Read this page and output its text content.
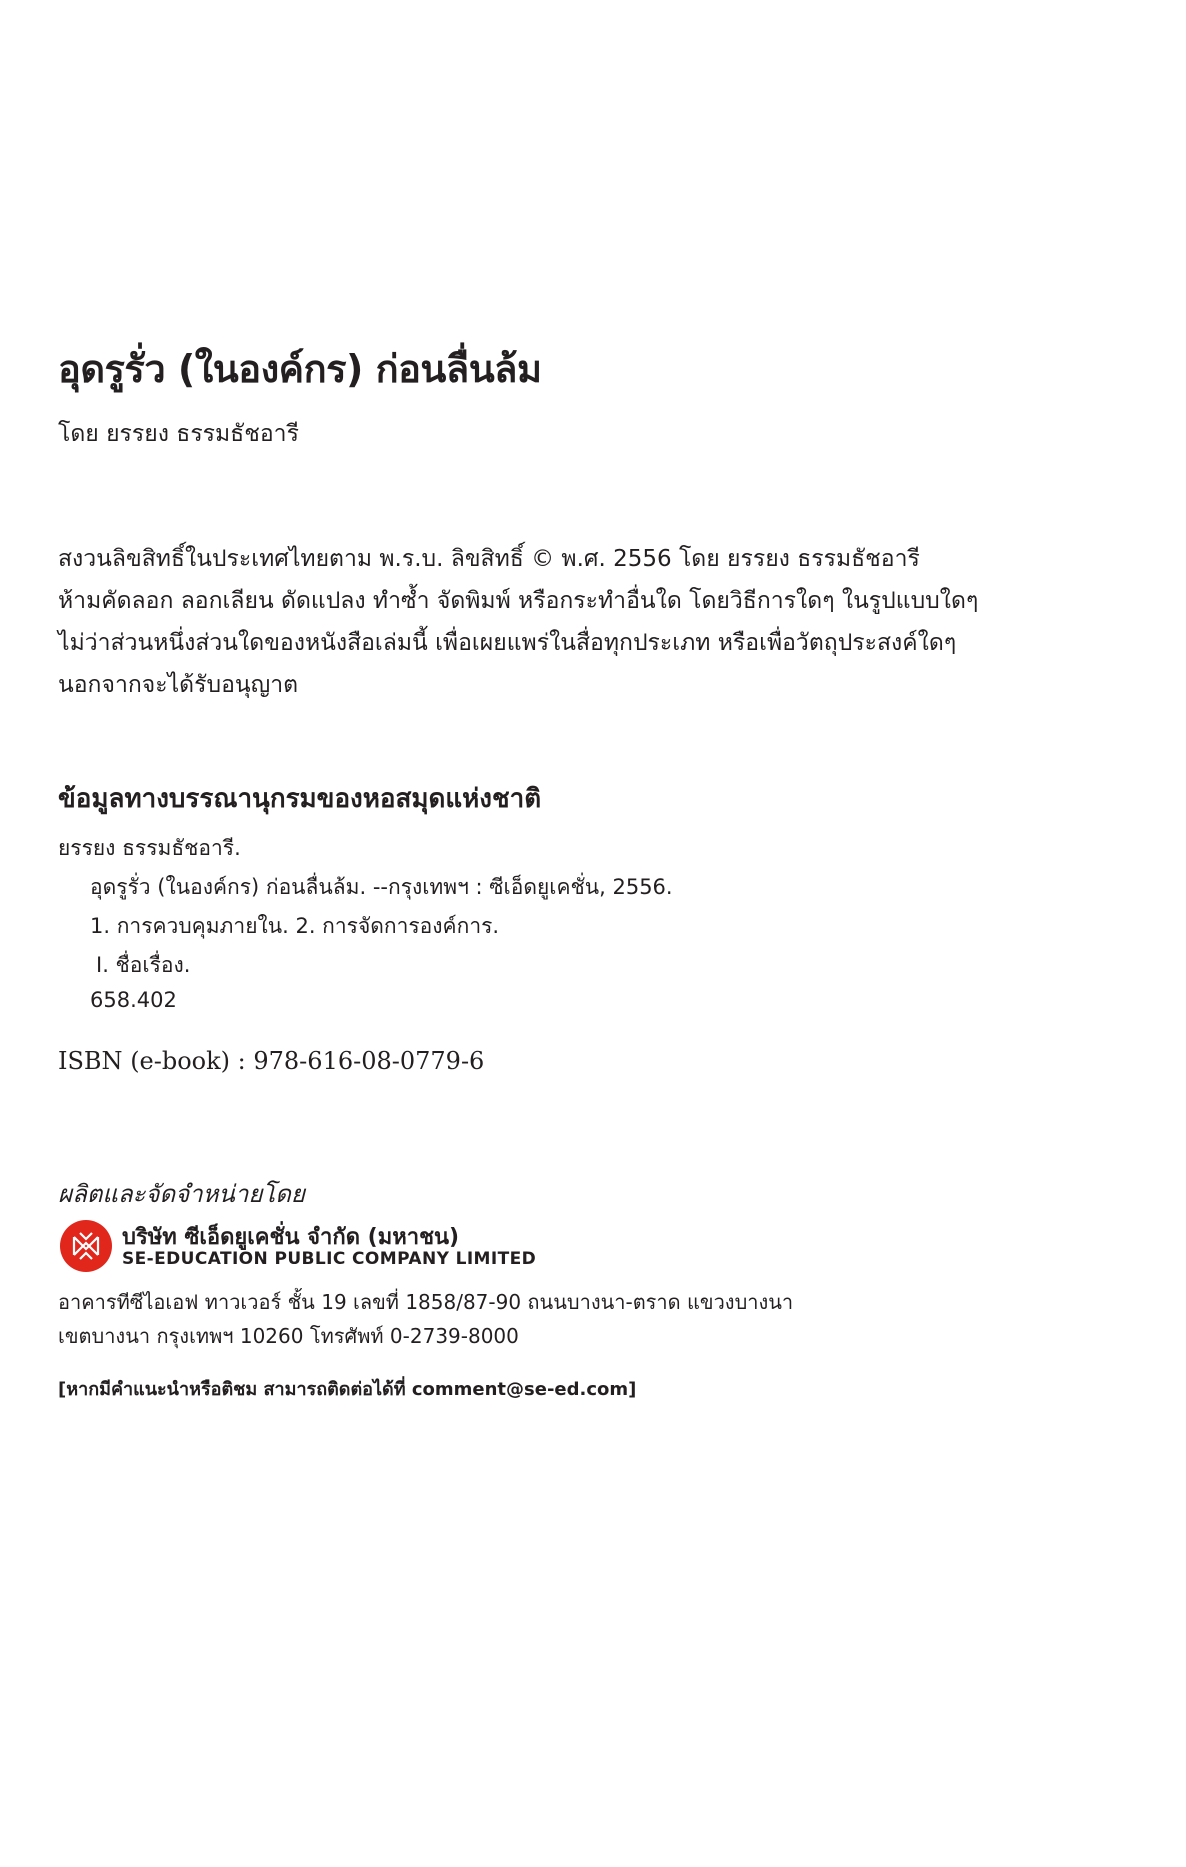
อุดรูรั่ว (ในองค์กร) ก่อนลื่นล้ม
โดย ยรรยง ธรรมธัชอารี
สงวนลิขสิทธิ์ในประเทศไทยตาม พ.ร.บ. ลิขสิทธิ์ © พ.ศ. 2556 โดย ยรรยง ธรรมธัชอารี
ห้ามคัดลอก ลอกเลียน ดัดแปลง ทำซ้ำ จัดพิมพ์ หรือกระทำอื่นใด โดยวิธีการใดๆ ในรูปแบบใดๆ
ไม่ว่าส่วนหนึ่งส่วนใดของหนังสือเล่มนี้ เพื่อเผยแพร่ในสื่อทุกประเภท หรือเพื่อวัตถุประสงค์ใดๆ
นอกจากจะได้รับอนุญาต
ข้อมูลทางบรรณานุกรมของหอสมุดแห่งชาติ
ยรรยง ธรรมธัชอารี.
อุดรูรั่ว (ในองค์กร) ก่อนลื่นล้ม. --กรุงเทพฯ : ซีเอ็ดยูเคชั่น, 2556.
1. การควบคุมภายใน. 2. การจัดการองค์การ.
I. ชื่อเรื่อง.
658.402
ISBN (e-book) : 978-616-08-0779-6
ผลิตและจัดจำหน่ายโดย
บริษัท ซีเอ็ดยูเคชั่น จำกัด (มหาชน)
SE-EDUCATION PUBLIC COMPANY LIMITED
อาคารทีซีไอเอฟ ทาวเวอร์ ชั้น 19 เลขที่ 1858/87-90 ถนนบางนา-ตราด แขวงบางนา
เขตบางนา กรุงเทพฯ 10260 โทรศัพท์ 0-2739-8000
[หากมีคำแนะนำหรือติชม สามารถติดต่อได้ที่ comment@se-ed.com]
